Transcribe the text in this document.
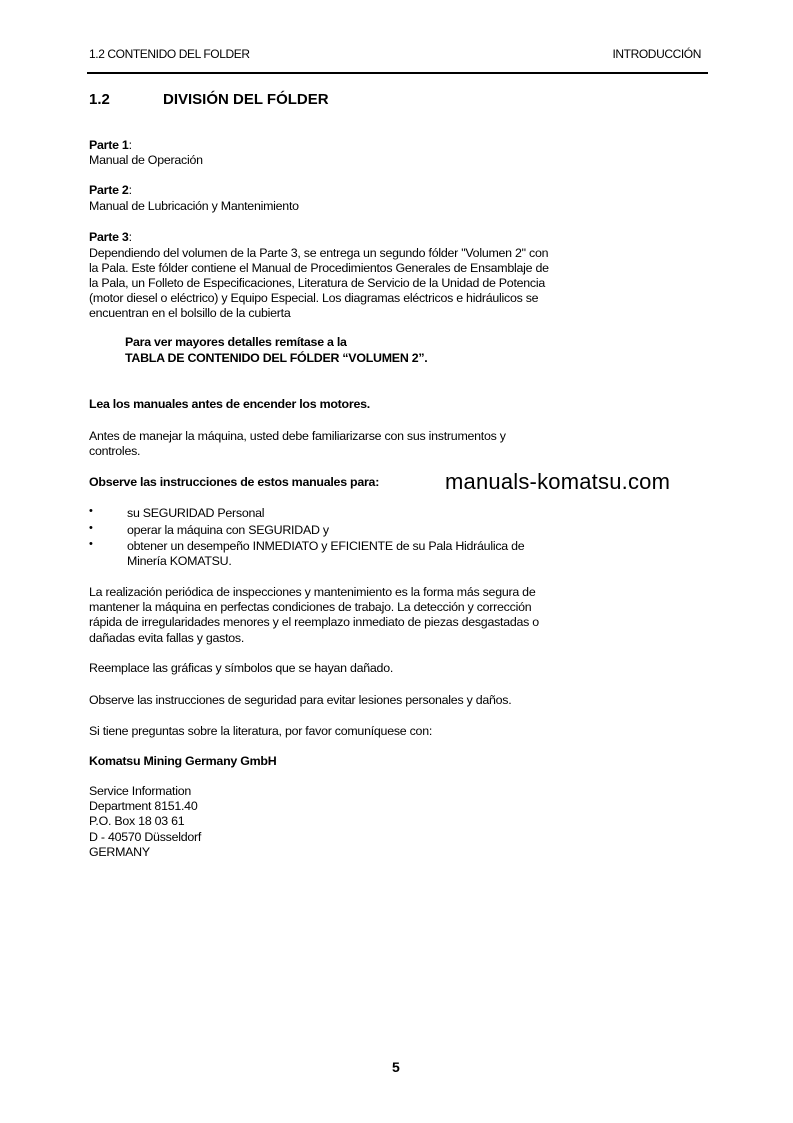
1.2 CONTENIDO DEL FOLDER	INTRODUCCIÓN
1.2	DIVISIÓN DEL FÓLDER
Parte 1:
Manual de Operación
Parte 2:
Manual de Lubricación y Mantenimiento
Parte 3:
Dependiendo del volumen de la Parte 3, se entrega un segundo fólder "Volumen 2" con
la Pala. Este fólder contiene el Manual de Procedimientos Generales de Ensamblaje de
la Pala, un Folleto de Especificaciones, Literatura de Servicio de la Unidad de Potencia
(motor diesel o eléctrico) y Equipo Especial. Los diagramas eléctricos e hidráulicos se
encuentran en el bolsillo de la cubierta
Para ver mayores detalles remítase a la
TABLA DE CONTENIDO DEL FÓLDER “VOLUMEN 2”.
Lea los manuales antes de encender los motores.
Antes de manejar la máquina, usted debe familiarizarse con sus instrumentos y
controles.
Observe las instrucciones de estos manuales para:	manuals-komatsu.com
•	su SEGURIDAD Personal
•	operar la máquina con SEGURIDAD y
•	obtener un desempeño INMEDIATO y EFICIENTE de su Pala Hidráulica de
Minería KOMATSU.
La realización periódica de inspecciones y mantenimiento es la forma más segura de
mantener la máquina en perfectas condiciones de trabajo. La detección y corrección
rápida de irregularidades menores y el reemplazo inmediato de piezas desgastadas o
dañadas evita fallas y gastos.
Reemplace las gráficas y símbolos que se hayan dañado.
Observe las instrucciones de seguridad para evitar lesiones personales y daños.
Si tiene preguntas sobre la literatura, por favor comuníquese con:
Komatsu Mining Germany GmbH
Service Information
Department 8151.40
P.O. Box 18 03 61
D - 40570 Düsseldorf
GERMANY
5
